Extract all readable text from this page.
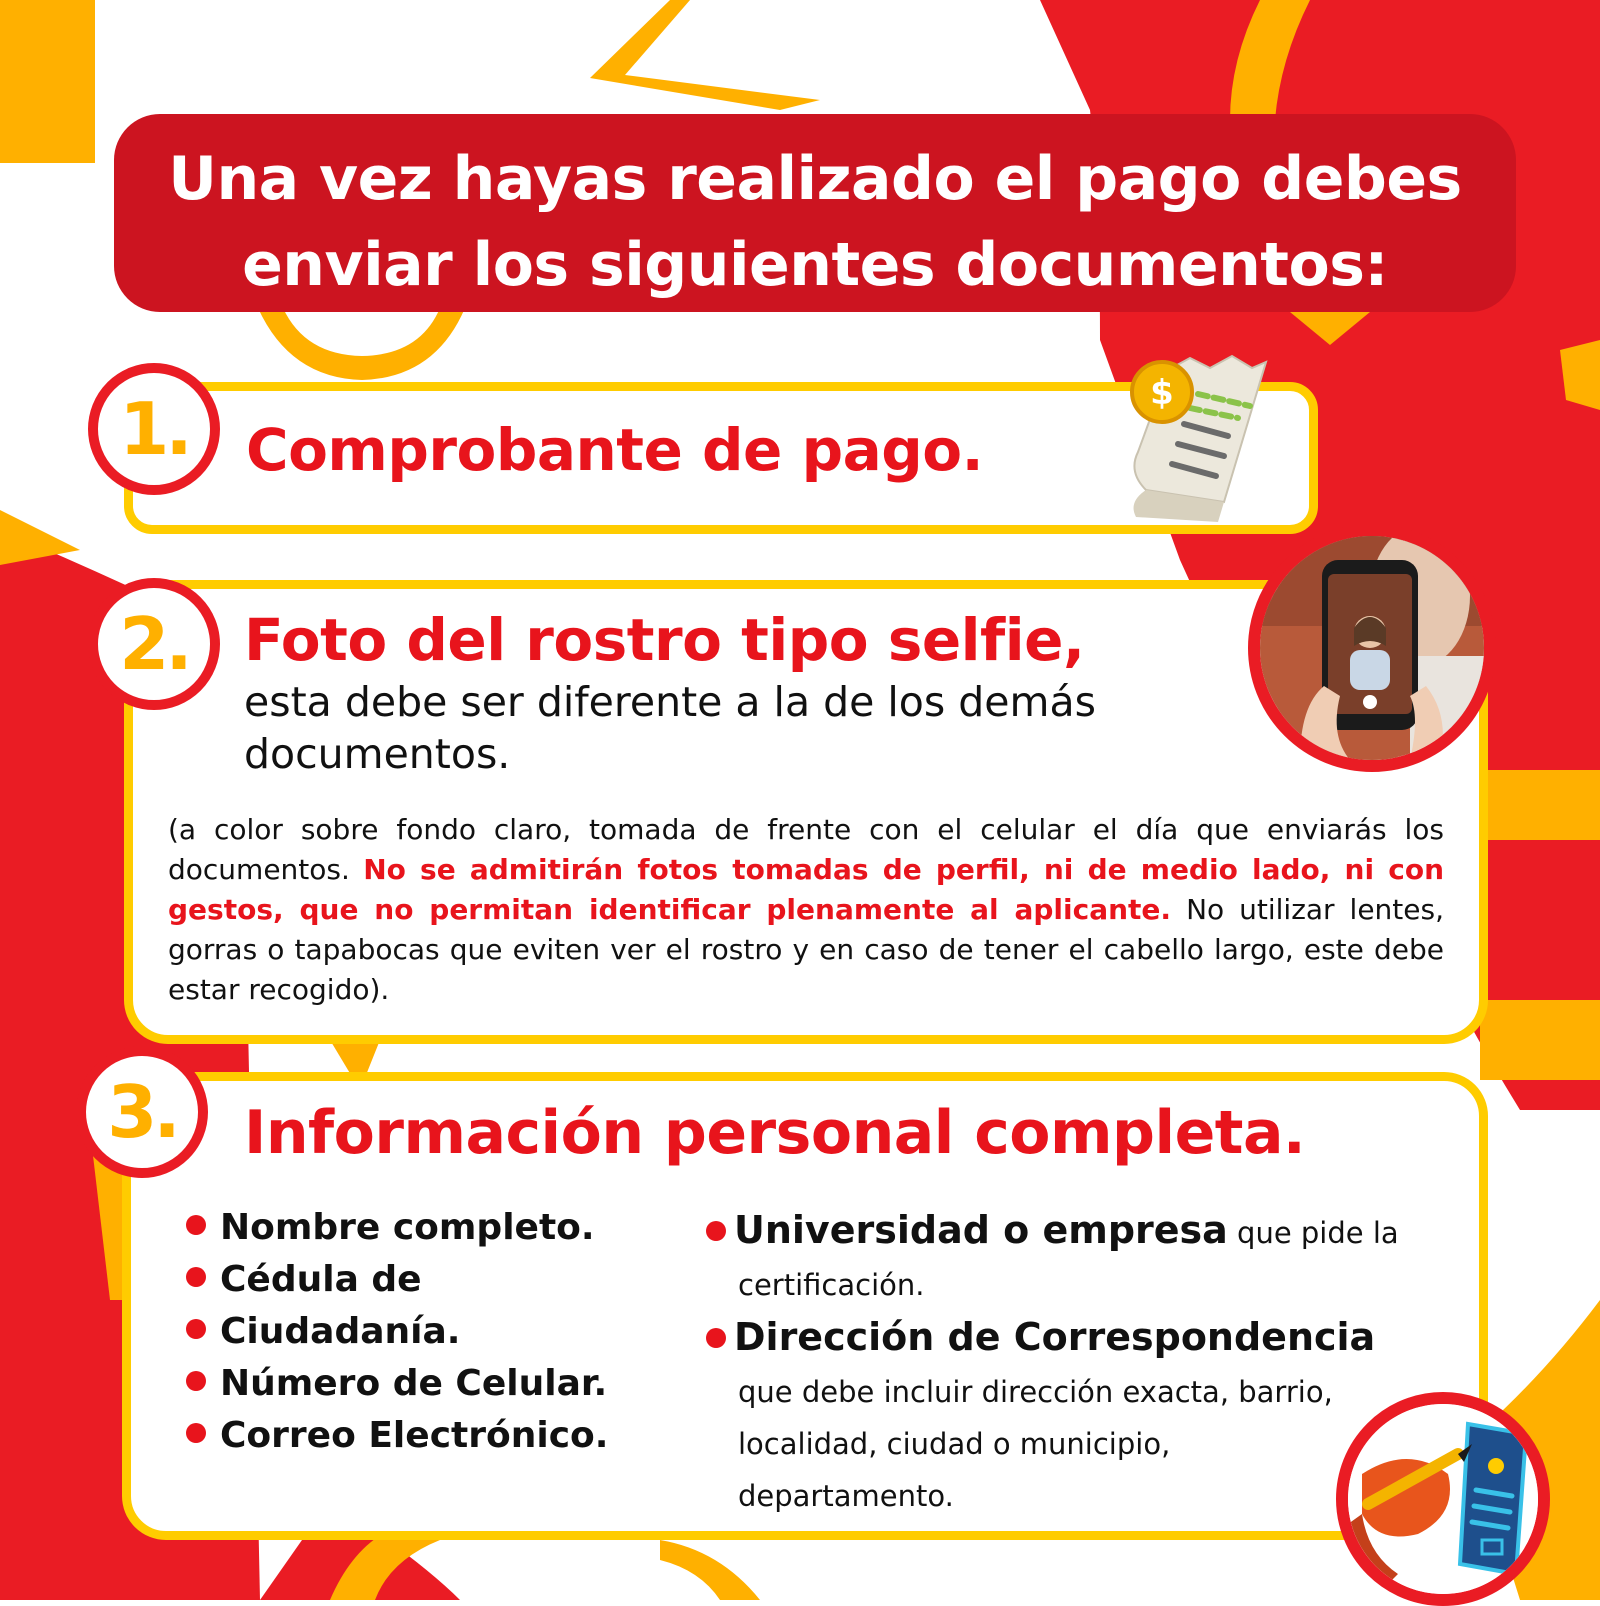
Una vez hayas realizado el pago debes
enviar los siguientes documentos:
1. Comprobante de pago.
$
2. Foto del rostro tipo selfie,

esta debe ser diferente a la de los demás
documentos.

(a color sobre fondo claro, tomada de frente con el celular el día que enviarás los documentos. No se admitirán fotos tomadas de perfil, ni de medio lado, ni con gestos, que no permitan identificar plenamente al aplicante. No utilizar lentes, gorras o tapabocas que eviten ver el rostro y en caso de tener el cabello largo, este debe estar recogido).

3. Información personal completa.
Nombre completo.
Cédula de
Ciudadanía.
Número de Celular.
Correo Electrónico.
Universidad o empresa que pide la
certificación.
Dirección de Correspondencia
que debe incluir dirección exacta, barrio,
localidad, ciudad o municipio,
departamento.
